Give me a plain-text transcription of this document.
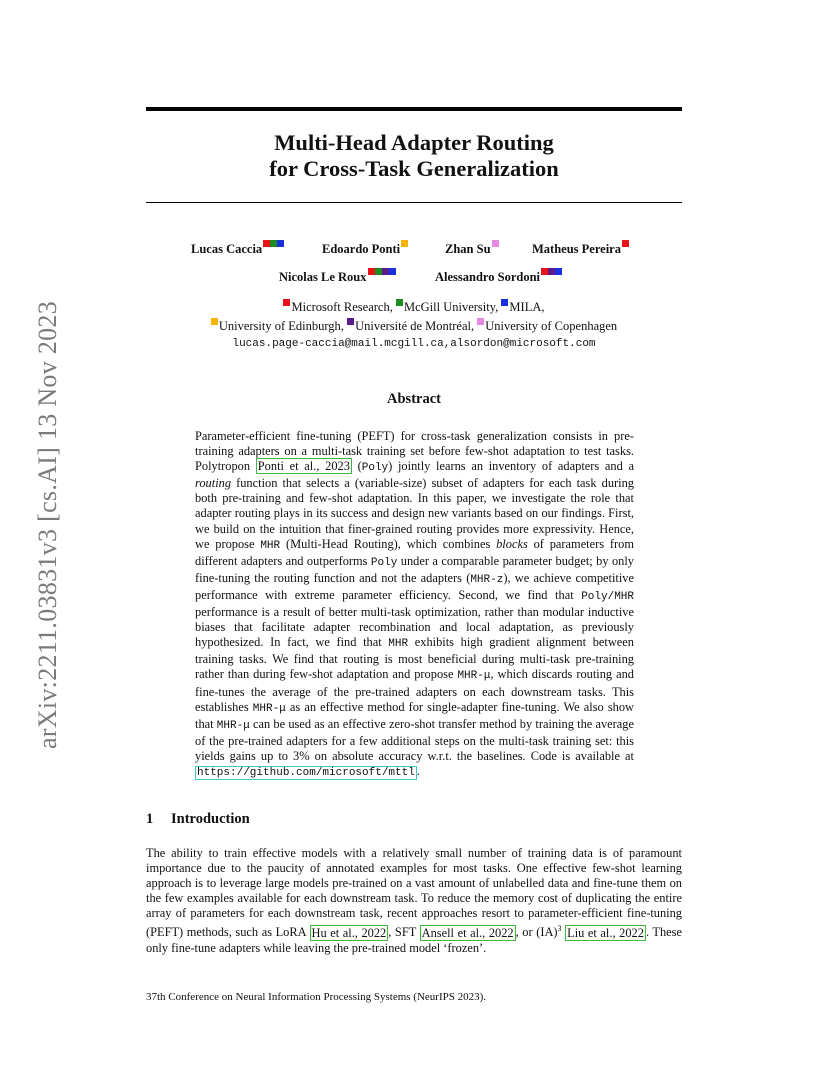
arXiv:2211.03831v3 [cs.AI] 13 Nov 2023
Multi-Head Adapter Routing
for Cross-Task Generalization
Lucas Caccia	Edoardo Ponti	Zhan Su	Matheus Pereira
Nicolas Le Roux	Alessandro Sordoni
Microsoft Research, McGill University, MILA,
University of Edinburgh, Université de Montréal, University of Copenhagen
lucas.page-caccia@mail.mcgill.ca,alsordon@microsoft.com
Abstract
Parameter-efficient fine-tuning (PEFT) for cross-task generalization consists in pre-training adapters on a multi-task training set before few-shot adaptation to test tasks. Polytropon Ponti et al., 2023 (Poly) jointly learns an inventory of adapters and a routing function that selects a (variable-size) subset of adapters for each task during both pre-training and few-shot adaptation. In this paper, we investigate the role that adapter routing plays in its success and design new variants based on our findings. First, we build on the intuition that finer-grained routing provides more expressivity. Hence, we propose MHR (Multi-Head Routing), which combines blocks of parameters from different adapters and outperforms Poly under a comparable parameter budget; by only fine-tuning the routing function and not the adapters (MHR-z), we achieve competitive performance with extreme parameter efficiency. Second, we find that Poly/MHR performance is a result of better multi-task optimization, rather than modular inductive biases that facilitate adapter recombination and local adaptation, as previously hypothesized. In fact, we find that MHR exhibits high gradient alignment between training tasks. We find that routing is most beneficial during multi-task pre-training rather than during few-shot adaptation and propose MHR-μ, which discards routing and fine-tunes the average of the pre-trained adapters on each downstream tasks. This establishes MHR-μ as an effective method for single-adapter fine-tuning. We also show that MHR-μ can be used as an effective zero-shot transfer method by training the average of the pre-trained adapters for a few additional steps on the multi-task training set: this yields gains up to 3% on absolute accuracy w.r.t. the baselines. Code is available at https://github.com/microsoft/mttl .
1 Introduction
The ability to train effective models with a relatively small number of training data is of paramount importance due to the paucity of annotated examples for most tasks. One effective few-shot learning approach is to leverage large models pre-trained on a vast amount of unlabelled data and fine-tune them on the few examples available for each downstream task. To reduce the memory cost of duplicating the entire array of parameters for each downstream task, recent approaches resort to parameter-efficient fine-tuning (PEFT) methods, such as LoRA Hu et al., 2022 , SFT Ansell et al., 2022 , or (IA)$^3$ Liu et al., 2022 . These only fine-tune adapters while leaving the pre-trained model ‘frozen’.
37th Conference on Neural Information Processing Systems (NeurIPS 2023).
